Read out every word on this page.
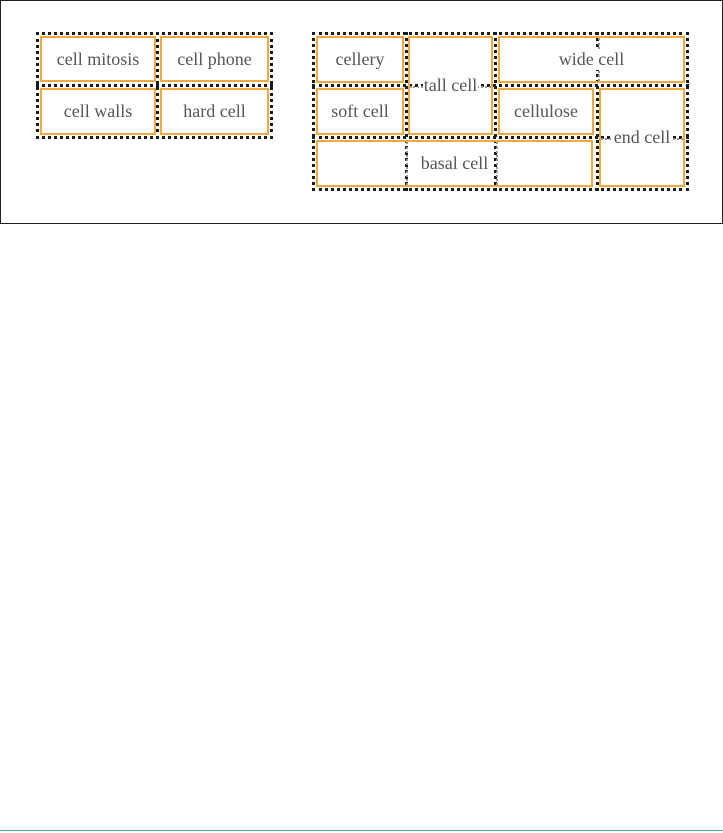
cell mitosis cell phone
cell walls	hard cell
cellery
tall cell
wide cell
soft cell	cellulose
end cell
basal cell
